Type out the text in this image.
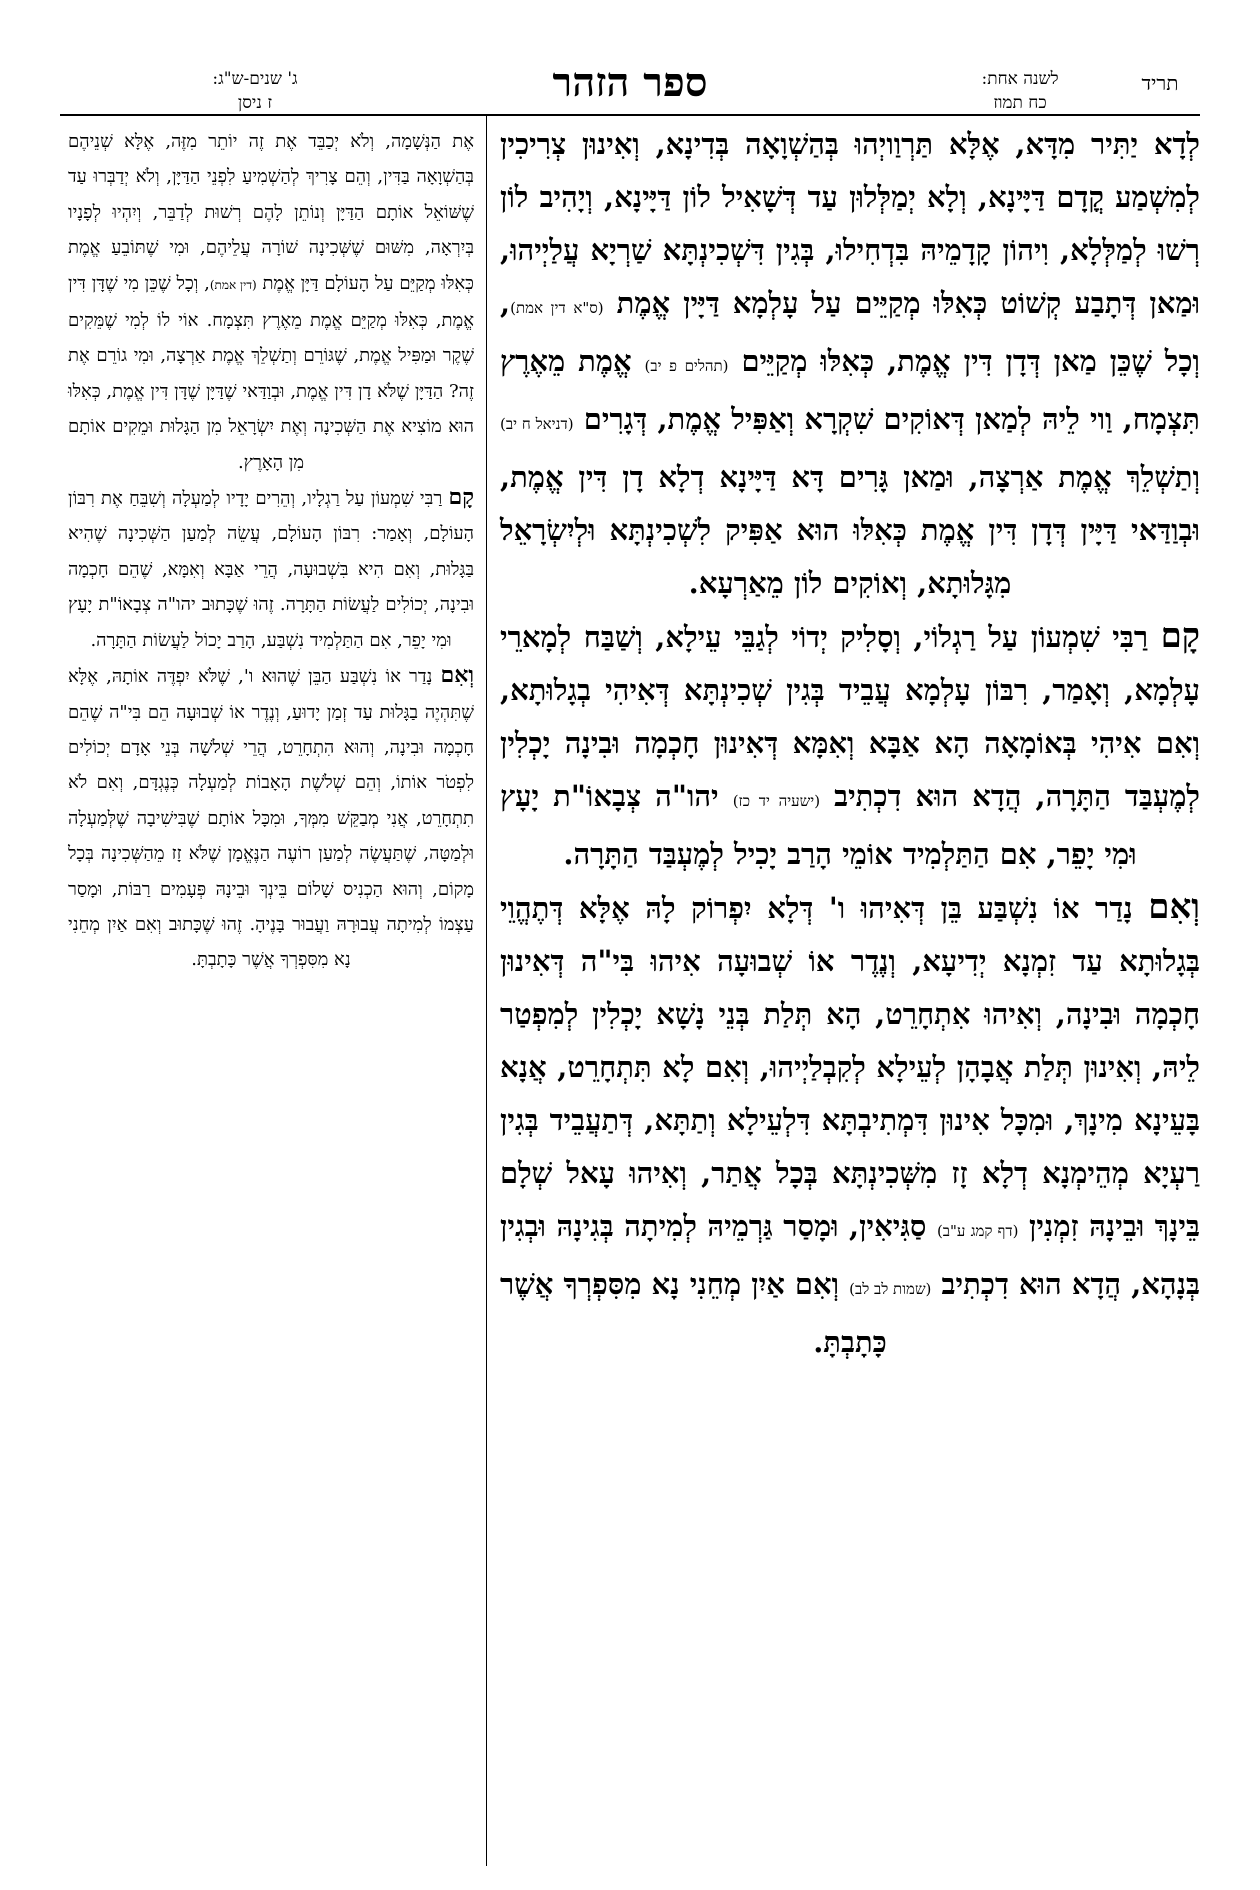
תריד
לשנה אחת:
כח תמוז
ספר הזהר
ג' שנים-ש"ג:
ז ניסן

לְדָא יַתִּיר מִדָּא, אֶלָּא תַּרְוַויְהוּ בְּהַשְׁוָאָה בְּדִינָא, וְאִינוּן צְרִיכִין לְמִשְׁמַע קֳדָם דַּיָּינָא, וְלָא יְמַלְּלוּן עַד דְּשָׁאִיל לוֹן דַּיָּינָא, וְיָהִיב לוֹן רְשׁוּ לְמַלְּלָא, וִיהוֹן קָדָמֵיהּ בִּדְחִילוּ, בְּגִין דִּשְׁכִינְתָּא שַׁרְיָא עֲלַיְיהוּ, וּמַאן דְּתָבַע קְשׁוֹט כְּאִלּוּ מְקַיֵּים עַל עָלְמָא דַּיָּין אֱמֶת (ס"א דין אמת), וְכָל שֶׁכֵּן מַאן דְּדָן דִּין אֱמֶת, כְּאִלּוּ מְקַיֵּים (תהלים פ יב) אֱמֶת מֵאֶרֶץ תִּצְמָח, וַוי לֵיהּ לְמַאן דְּאוֹקִים שִׁקְרָא וְאַפִּיל אֱמֶת, דְּגָרִים (דניאל ח יב) וְתַשְׁלֵךְ אֱמֶת אַרְצָה, וּמַאן גָּרִים דָּא דַּיָּינָא דְלָא דָן דִּין אֱמֶת, וּבְוַדַּאי דַּיָּין דְּדָן דִּין אֱמֶת כְּאִלּוּ הוּא אַפִּיק לִשְׁכִינְתָּא וּלְיִשְׂרָאֵל מִגָּלוּתָא, וְאוֹקִים לוֹן מֵאַרְעָא.

קָם רַבִּי שִׁמְעוֹן עַל רַגְלוֹי, וְסָלִיק יְדוֹי לְגַבֵּי עֵילָא, וְשַׁבַּח לְמָארֵי עָלְמָא, וְאָמַר, רִבּוֹן עָלְמָא עֲבֵיד בְּגִין שְׁכִינְתָּא דְּאִיהִי בְגָלוּתָא, וְאִם אִיהִי בְּאוֹמָאָה הָא אַבָּא וְאִמָּא דְּאִינוּן חָכְמָה וּבִינָה יָכְלִין לְמֶעְבַּד הַתָּרָה, הֲדָא הוּא דִכְתִיב (ישעיה יד כז) יהו"ה צְבָאוֹ"ת יָעָץ וּמִי יָפֵר, אִם הַתַּלְמִיד אוֹמֵי הָרַב יָכִיל לְמֶעְבַּד הַתָּרָה.

וְאִם נָדַר אוֹ נִשְׁבַּע בֵּן דְּאִיהוּ ו' דְּלָא יִפְרוֹק לָהּ אֶלָּא דְּתֶהֱוֵי בְּגָלוּתָא עַד זִמְנָא יְדִיעָא, וְנֶדֶר אוֹ שְׁבוּעָה אִיהוּ בִּי"ה דְּאִינוּן חָכְמָה וּבִינָה, וְאִיהוּ אִתְחָרֵט, הָא תְּלַת בְּנֵי נָשָׁא יָכְלִין לְמִפְטַר לֵיהּ, וְאִינוּן תְּלַת אֲבָהָן לְעֵילָא לְקִבְלַיְיהוּ, וְאִם לָא תִּתְחָרֵט, אֲנָא בָּעֵינָא מִינָךְ, וּמִכָּל אִינוּן דִּמְתִיבְתָּא דִּלְעֵילָא וְתַתָּא, דְּתַעֲבֵיד בְּגִין רַעְיָא מְהֵימְנָא דְלָא זָז מִשְּׁכִינְתָּא בְּכָל אֲתַר, וְאִיהוּ עָאל שְׁלָם בֵּינָךְ וּבֵינָהּ זִמְנִין (דף קמג ע"ב) סַגִּיאִין, וּמָסַר גַּרְמֵיהּ לְמִיתָה בְּגִינָהּ וּבְגִין בְּנָהָא, הֲדָא הוּא דִכְתִיב (שמות לב לב) וְאִם אַיִן מְחֵנִי נָא מִסִּפְרְךָ אֲשֶׁר כָּתָבְתָּ.

אֶת הַנְּשָׁמָה, וְלֹא יְכַבֵּד אֶת זֶה יוֹתֵר מִזֶּה, אֶלָּא שְׁנֵיהֶם בְּהַשְׁוָאָה בַּדִּין, וְהֵם צָרִיךְ לְהַשְׁמִיעַ לִפְנֵי הַדַּיָּן, וְלֹא יְדַבְּרוּ עַד שֶׁשּׁוֹאֵל אוֹתָם הַדַּיָּן וְנוֹתֵן לָהֶם רְשׁוּת לְדַבֵּר, וְיִהְיוּ לְפָנָיו בְּיִרְאָה, מִשּׁוּם שֶׁשְּׁכִינָה שׁוֹרָה עֲלֵיהֶם, וּמִי שֶׁתּוֹבֵעַ אֱמֶת כְּאִלּוּ מְקַיֵּם עַל הָעוֹלָם דַּיָּן אֱמֶת (דין אמת), וְכָל שֶׁכֵּן מִי שֶׁדָּן דִּין אֱמֶת, כְּאִלּוּ מְקַיֵּם אֱמֶת מֵאֶרֶץ תִּצְמָח. אוֹי לוֹ לְמִי שֶׁמֵּקִים שֶׁקֶר וּמַפִּיל אֱמֶת, שֶׁגּוֹרֵם וְתַשְׁלֵךְ אֱמֶת אַרְצָה, וּמִי גוֹרֵם אֶת זֶה? הַדַּיָּן שֶׁלֹּא דָן דִּין אֱמֶת, וּבְוַדַּאי שֶׁדַּיָּן שֶׁדָּן דִּין אֱמֶת, כְּאִלּוּ הוּא מוֹצִיא אֶת הַשְּׁכִינָה וְאֶת יִשְׂרָאֵל מִן הַגָּלוּת וּמֵקִים אוֹתָם מִן הָאָרֶץ.

קָם רַבִּי שִׁמְעוֹן עַל רַגְלָיו, וְהֵרִים יָדָיו לְמַעְלָה וְשִׁבֵּחַ אֶת רִבּוֹן הָעוֹלָם, וְאָמַר: רִבּוֹן הָעוֹלָם, עֲשֵׂה לְמַעַן הַשְּׁכִינָה שֶׁהִיא בַּגָּלוּת, וְאִם הִיא בִּשְׁבוּעָה, הֲרֵי אַבָּא וְאִמָּא, שֶׁהֵם חָכְמָה וּבִינָה, יְכוֹלִים לַעֲשׂוֹת הַתָּרָה. זֶהוּ שֶׁכָּתוּב יהו"ה צְבָאוֹ"ת יָעָץ וּמִי יָפֵר, אִם הַתַּלְמִיד נִשְׁבַּע, הָרַב יָכוֹל לַעֲשׂוֹת הַתָּרָה.

וְאִם נָדַר אוֹ נִשְׁבַּע הַבֵּן שֶׁהוּא ו', שֶׁלֹּא יִפְדֶּה אוֹתָהּ, אֶלָּא שֶׁתִּהְיֶה בַגָּלוּת עַד זְמַן יָדוּעַ, וְנֶדֶר אוֹ שְׁבוּעָה הֵם בִּי"ה שֶׁהֵם חָכְמָה וּבִינָה, וְהוּא הִתְחָרֵט, הֲרֵי שְׁלֹשָׁה בְּנֵי אָדָם יְכוֹלִים לִפְטֹר אוֹתוֹ, וְהֵם שְׁלֹשֶׁת הָאָבוֹת לְמַעְלָה כְּנֶגְדָּם, וְאִם לֹא תִתְחָרֵט, אֲנִי מְבַקֵּשׁ מִמְּךָ, וּמִכָּל אוֹתָם שֶׁבִּישִׁיבָה שֶׁלְּמַעְלָה וּלְמַטָּה, שֶׁתַּעֲשֶׂה לְמַעַן רוֹעֶה הַנֶּאֱמָן שֶׁלֹּא זָז מֵהַשְּׁכִינָה בְּכָל מָקוֹם, וְהוּא הַכְנִיס שָׁלוֹם בֵּינְךָ וּבֵינָהּ פְּעָמִים רַבּוֹת, וּמָסַר עַצְמוֹ לְמִיתָה עֲבוּרָהּ וַעֲבוּר בָּנֶיהָ. זֶהוּ שֶׁכָּתוּב וְאִם אַיִן מְחֵנִי נָא מִסִּפְרְךָ אֲשֶׁר כָּתָבְתָּ.
